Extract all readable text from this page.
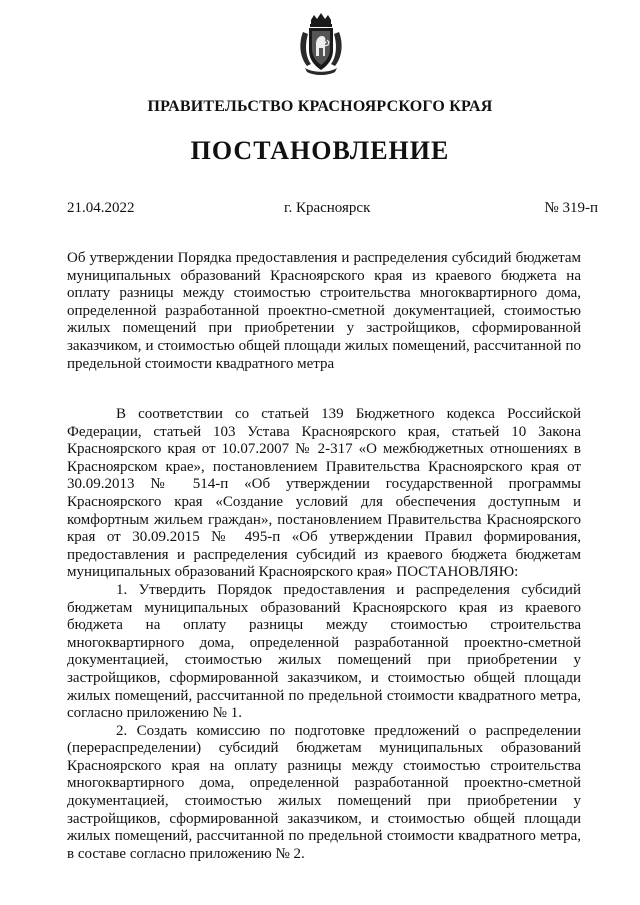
ПРАВИТЕЛЬСТВО КРАСНОЯРСКОГО КРАЯ
ПОСТАНОВЛЕНИЕ
21.04.2022	г. Красноярск	№ 319-п
Об утверждении Порядка предоставления и распределения субсидий бюджетам муниципальных образований Красноярского края из краевого бюджета на оплату разницы между стоимостью строительства многоквартирного дома, определенной разработанной проектно-сметной документацией, стоимостью жилых помещений при приобретении у застройщиков, сформированной заказчиком, и стоимостью общей площади жилых помещений, рассчитанной по предельной стоимости квадратного метра

В соответствии со статьей 139 Бюджетного кодекса Российской Федерации, статьей 103 Устава Красноярского края, статьей 10 Закона Красноярского края от 10.07.2007 № 2-317 «О межбюджетных отношениях в Красноярском крае», постановлением Правительства Красноярского края от 30.09.2013 № 514-п «Об утверждении государственной программы Красноярского края «Создание условий для обеспечения доступным и комфортным жильем граждан», постановлением Правительства Красноярского края от 30.09.2015 № 495-п «Об утверждении Правил формирования, предоставления и распределения субсидий из краевого бюджета бюджетам муниципальных образований Красноярского края» ПОСТАНОВЛЯЮ:

1. Утвердить Порядок предоставления и распределения субсидий бюджетам муниципальных образований Красноярского края из краевого бюджета на оплату разницы между стоимостью строительства многоквартирного дома, определенной разработанной проектно-сметной документацией, стоимостью жилых помещений при приобретении у застройщиков, сформированной заказчиком, и стоимостью общей площади жилых помещений, рассчитанной по предельной стоимости квадратного метра, согласно приложению № 1.

2. Создать комиссию по подготовке предложений о распределении (перераспределении) субсидий бюджетам муниципальных образований Красноярского края на оплату разницы между стоимостью строительства многоквартирного дома, определенной разработанной проектно-сметной документацией, стоимостью жилых помещений при приобретении у застройщиков, сформированной заказчиком, и стоимостью общей площади жилых помещений, рассчитанной по предельной стоимости квадратного метра, в составе согласно приложению № 2.
